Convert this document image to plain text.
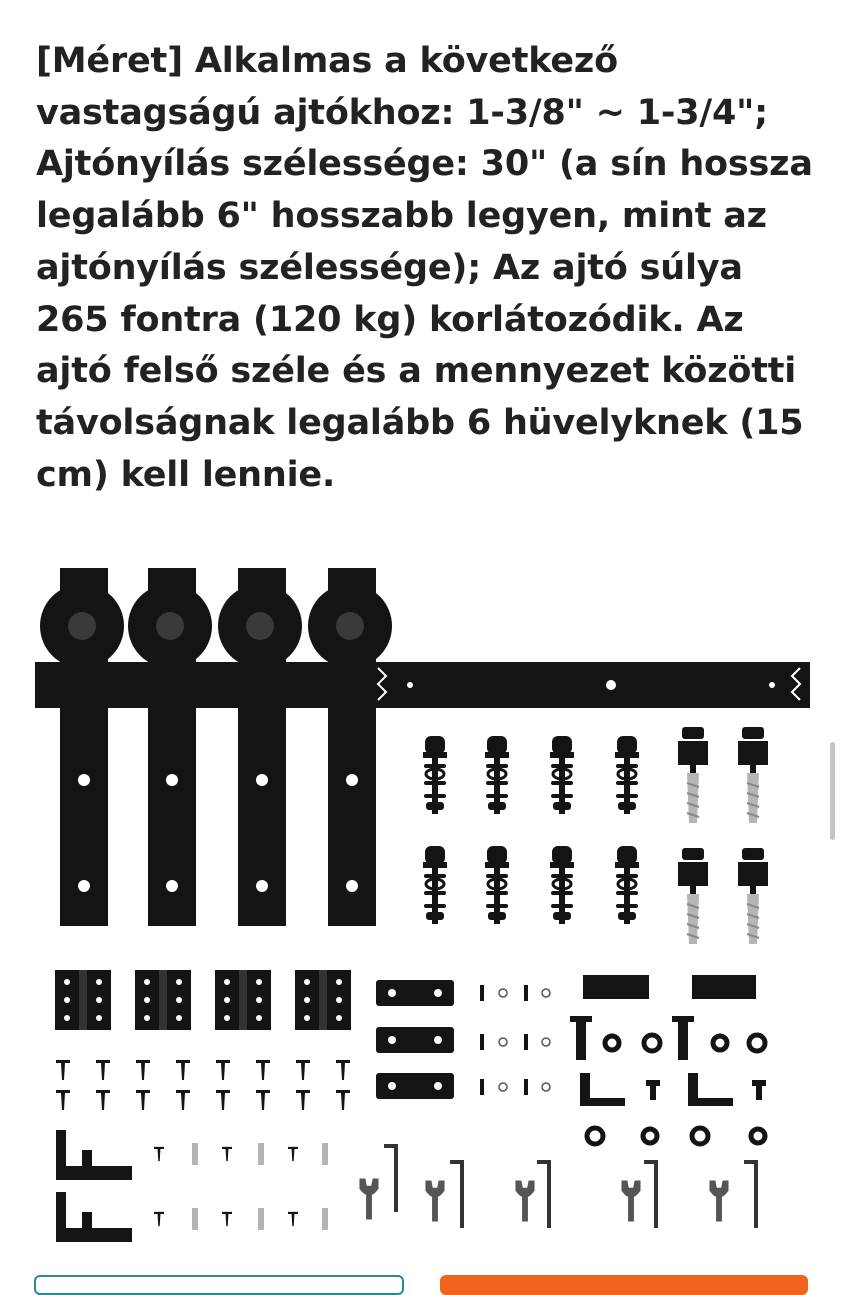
[Méret] Alkalmas a következő vastagságú ajtókhoz: 1-3/8" ~ 1-3/4"; Ajtónyílás szélessége: 30" (a sín hossza legalább 6" hosszabb legyen, mint az ajtónyílás szélessége); Az ajtó súlya 265 fontra (120 kg) korlátozódik. Az ajtó felső széle és a mennyezet közötti távolságnak legalább 6 hüvelyknek (15 cm) kell lennie.
